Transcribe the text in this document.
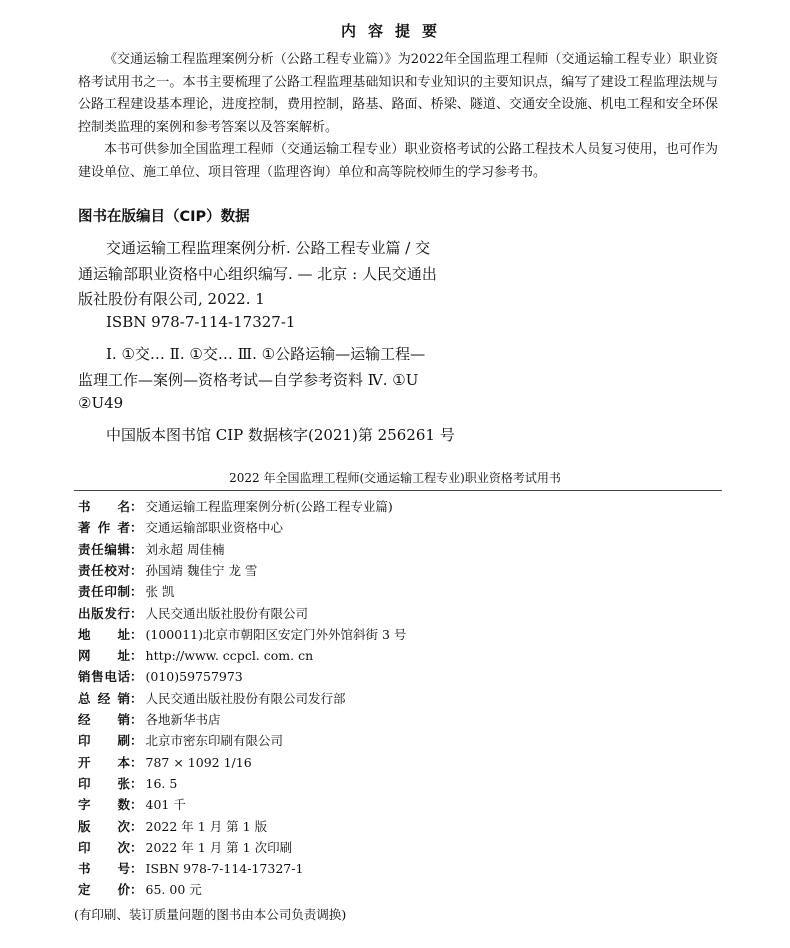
内容提要

《交通运输工程监理案例分析（公路工程专业篇）》为2022年全国监理工程师（交通运输工程专业）职业资格考试用书之一。本书主要梳理了公路工程监理基础知识和专业知识的主要知识点，编写了建设工程监理法规与公路工程建设基本理论，进度控制，费用控制，路基、路面、桥梁、隧道、交通安全设施、机电工程和安全环保控制类监理的案例和参考答案以及答案解析。

本书可供参加全国监理工程师（交通运输工程专业）职业资格考试的公路工程技术人员复习使用，也可作为建设单位、施工单位、项目管理（监理咨询）单位和高等院校师生的学习参考书。

图书在版编目（CIP）数据
交通运输工程监理案例分析. 公路工程专业篇 / 交
通运输部职业资格中心组织编写. — 北京 : 人民交通出
版社股份有限公司, 2022. 1
ISBN 978-7-114-17327-1
Ⅰ. ①交… Ⅱ. ①交… Ⅲ. ①公路运输—运输工程—
监理工作—案例—资格考试—自学参考资料 Ⅳ. ①U
②U49
中国版本图书馆 CIP 数据核字(2021)第 256261 号
2022 年全国监理工程师(交通运输工程专业)职业资格考试用书
书 名 ： 交通运输工程监理案例分析(公路工程专业篇)
著 作 者 ： 交通运输部职业资格中心
责 任 编 辑 ： 刘永超 周佳楠
责 任 校 对 ： 孙国靖 魏佳宁 龙 雪
责 任 印 制 ： 张 凯
出 版 发 行 ： 人民交通出版社股份有限公司
地 址 ： (100011)北京市朝阳区安定门外外馆斜街 3 号
网 址 ： http://www. ccpcl. com. cn
销 售 电 话 ： (010)59757973
总 经 销 ： 人民交通出版社股份有限公司发行部
经 销 ： 各地新华书店
印 刷 ： 北京市密东印刷有限公司
开 本 ： 787 × 1092 1/16
印 张 ： 16. 5
字 数 ： 401 千
版 次 ： 2022 年 1 月 第 1 版
印 次 ： 2022 年 1 月 第 1 次印刷
书 号 ： ISBN 978-7-114-17327-1
定 价 ： 65. 00 元
(有印刷、装订质量问题的图书由本公司负责调换)
